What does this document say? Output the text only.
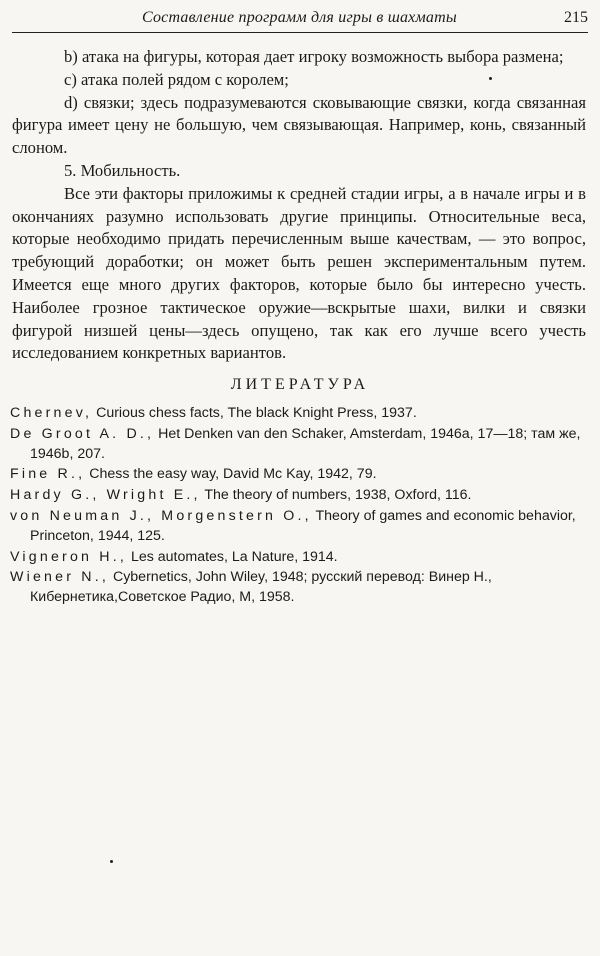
Составление программ для игры в шахматы	215

b) атака на фигуры, которая дает игроку возможность выбора размена;

c) атака полей рядом с королем;

d) связки; здесь подразумеваются сковывающие связки, когда связанная фигура имеет цену не большую, чем связывающая. Например, конь, связанный слоном.

5. Мобильность.

Все эти факторы приложимы к средней стадии игры, а в начале игры и в окончаниях разумно использовать другие принципы. Относительные веса, которые необходимо придать перечисленным выше качествам, — это вопрос, требующий доработки; он может быть решен экспериментальным путем. Имеется еще много других факторов, которые было бы интересно учесть. Наиболее грозное тактическое оружие—вскрытые шахи, вилки и связки фигурой низшей цены—здесь опущено, так как его лучше всего учесть исследованием конкретных вариантов.

ЛИТЕРАТУРА

Chernev, Curious chess facts, The black Knight Press, 1937.

De Groot A. D., Het Denken van den Schaker, Amsterdam, 1946a, 17—18; там же, 1946b, 207.

Fine R., Chess the easy way, David Mc Kay, 1942, 79.

Hardy G., Wright E., The theory of numbers, 1938, Oxford, 116.

von Neuman J., Morgenstern O., Theory of games and economic behavior, Princeton, 1944, 125.

Vigneron H., Les automates, La Nature, 1914.

Wiener N., Cybernetics, John Wiley, 1948; русский перевод: Винер Н., Кибернетика,Советское Радио, М, 1958.
